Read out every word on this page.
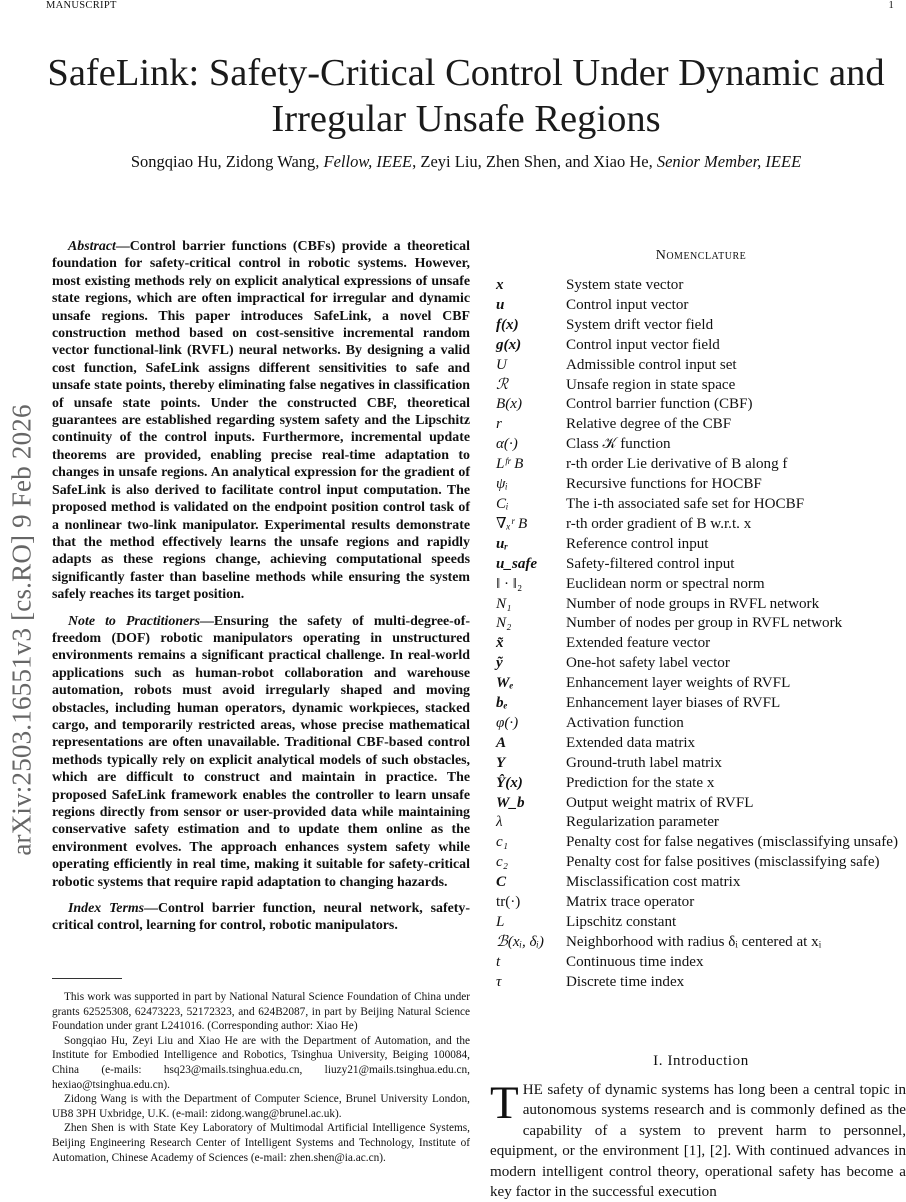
MANUSCRIPT	1
arXiv:2503.16551v3 [cs.RO] 9 Feb 2026
SafeLink: Safety-Critical Control Under Dynamic and Irregular Unsafe Regions
Songqiao Hu, Zidong Wang, Fellow, IEEE, Zeyi Liu, Zhen Shen, and Xiao He, Senior Member, IEEE

Abstract—Control barrier functions (CBFs) provide a theoretical foundation for safety-critical control in robotic systems. However, most existing methods rely on explicit analytical expressions of unsafe state regions, which are often impractical for irregular and dynamic unsafe regions. This paper introduces SafeLink, a novel CBF construction method based on cost-sensitive incremental random vector functional-link (RVFL) neural networks. By designing a valid cost function, SafeLink assigns different sensitivities to safe and unsafe state points, thereby eliminating false negatives in classification of unsafe state points. Under the constructed CBF, theoretical guarantees are established regarding system safety and the Lipschitz continuity of the control inputs. Furthermore, incremental update theorems are provided, enabling precise real-time adaptation to changes in unsafe regions. An analytical expression for the gradient of SafeLink is also derived to facilitate control input computation. The proposed method is validated on the endpoint position control task of a nonlinear two-link manipulator. Experimental results demonstrate that the method effectively learns the unsafe regions and rapidly adapts as these regions change, achieving computational speeds significantly faster than baseline methods while ensuring the system safely reaches its target position.

Note to Practitioners—Ensuring the safety of multi-degree-of-freedom (DOF) robotic manipulators operating in unstructured environments remains a significant practical challenge. In real-world applications such as human-robot collaboration and warehouse automation, robots must avoid irregularly shaped and moving obstacles, including human operators, dynamic workpieces, stacked cargo, and temporarily restricted areas, whose precise mathematical representations are often unavailable. Traditional CBF-based control methods typically rely on explicit analytical models of such obstacles, which are difficult to construct and maintain in practice. The proposed SafeLink framework enables the controller to learn unsafe regions directly from sensor or user-provided data while maintaining conservative safety estimation and to update them online as the environment evolves. The approach enhances system safety while operating efficiently in real time, making it suitable for safety-critical robotic systems that require rapid adaptation to changing hazards.

Index Terms—Control barrier function, neural network, safety-critical control, learning for control, robotic manipulators.

This work was supported in part by National Natural Science Foundation of China under grants 62525308, 62473223, 52172323, and 624B2087, in part by Beijing Natural Science Foundation under grant L241016. (Corresponding author: Xiao He)

Songqiao Hu, Zeyi Liu and Xiao He are with the Department of Automation, and the Institute for Embodied Intelligence and Robotics, Tsinghua University, Beiging 100084, China (e-mails: hsq23@mails.tsinghua.edu.cn, liuzy21@mails.tsinghua.edu.cn, hexiao@tsinghua.edu.cn).

Zidong Wang is with the Department of Computer Science, Brunel University London, UB8 3PH Uxbridge, U.K. (e-mail: zidong.wang@brunel.ac.uk).

Zhen Shen is with State Key Laboratory of Multimodal Artificial Intelligence Systems, Beijing Engineering Research Center of Intelligent Systems and Technology, Institute of Automation, Chinese Academy of Sciences (e-mail: zhen.shen@ia.ac.cn).

Nomenclature
x	System state vector
u	Control input vector
f(x)	System drift vector field
g(x)	Control input vector field
U	Admissible control input set
ℛ	Unsafe region in state space
B(x)	Control barrier function (CBF)
r	Relative degree of the CBF
α(·)	Class 𝒦 function
Lᶠʳ B	r-th order Lie derivative of B along f
ψᵢ	Recursive functions for HOCBF
Cᵢ	The i-th associated safe set for HOCBF
∇ₓʳ B	r-th order gradient of B w.r.t. x
uᵣ	Reference control input
u_safe	Safety-filtered control input
‖ · ‖₂	Euclidean norm or spectral norm
N₁	Number of node groups in RVFL network
N₂	Number of nodes per group in RVFL network
x̃	Extended feature vector
ỹ	One-hot safety label vector
Wₑ	Enhancement layer weights of RVFL
bₑ	Enhancement layer biases of RVFL
φ(·)	Activation function
A	Extended data matrix
Y	Ground-truth label matrix
Ŷ(x)	Prediction for the state x
W_b	Output weight matrix of RVFL
λ	Regularization parameter
c₁	Penalty cost for false negatives (misclassifying unsafe)
c₂	Penalty cost for false positives (misclassifying safe)
C	Misclassification cost matrix
tr(·)	Matrix trace operator
L	Lipschitz constant
ℬ(xᵢ, δᵢ)	Neighborhood with radius δᵢ centered at xᵢ
t	Continuous time index
τ	Discrete time index
I. Introduction
THE safety of dynamic systems has long been a central topic in autonomous systems research and is commonly defined as the capability of a system to prevent harm to personnel, equipment, or the environment [1], [2]. With continued advances in modern intelligent control theory, operational safety has become a key factor in the successful execution
